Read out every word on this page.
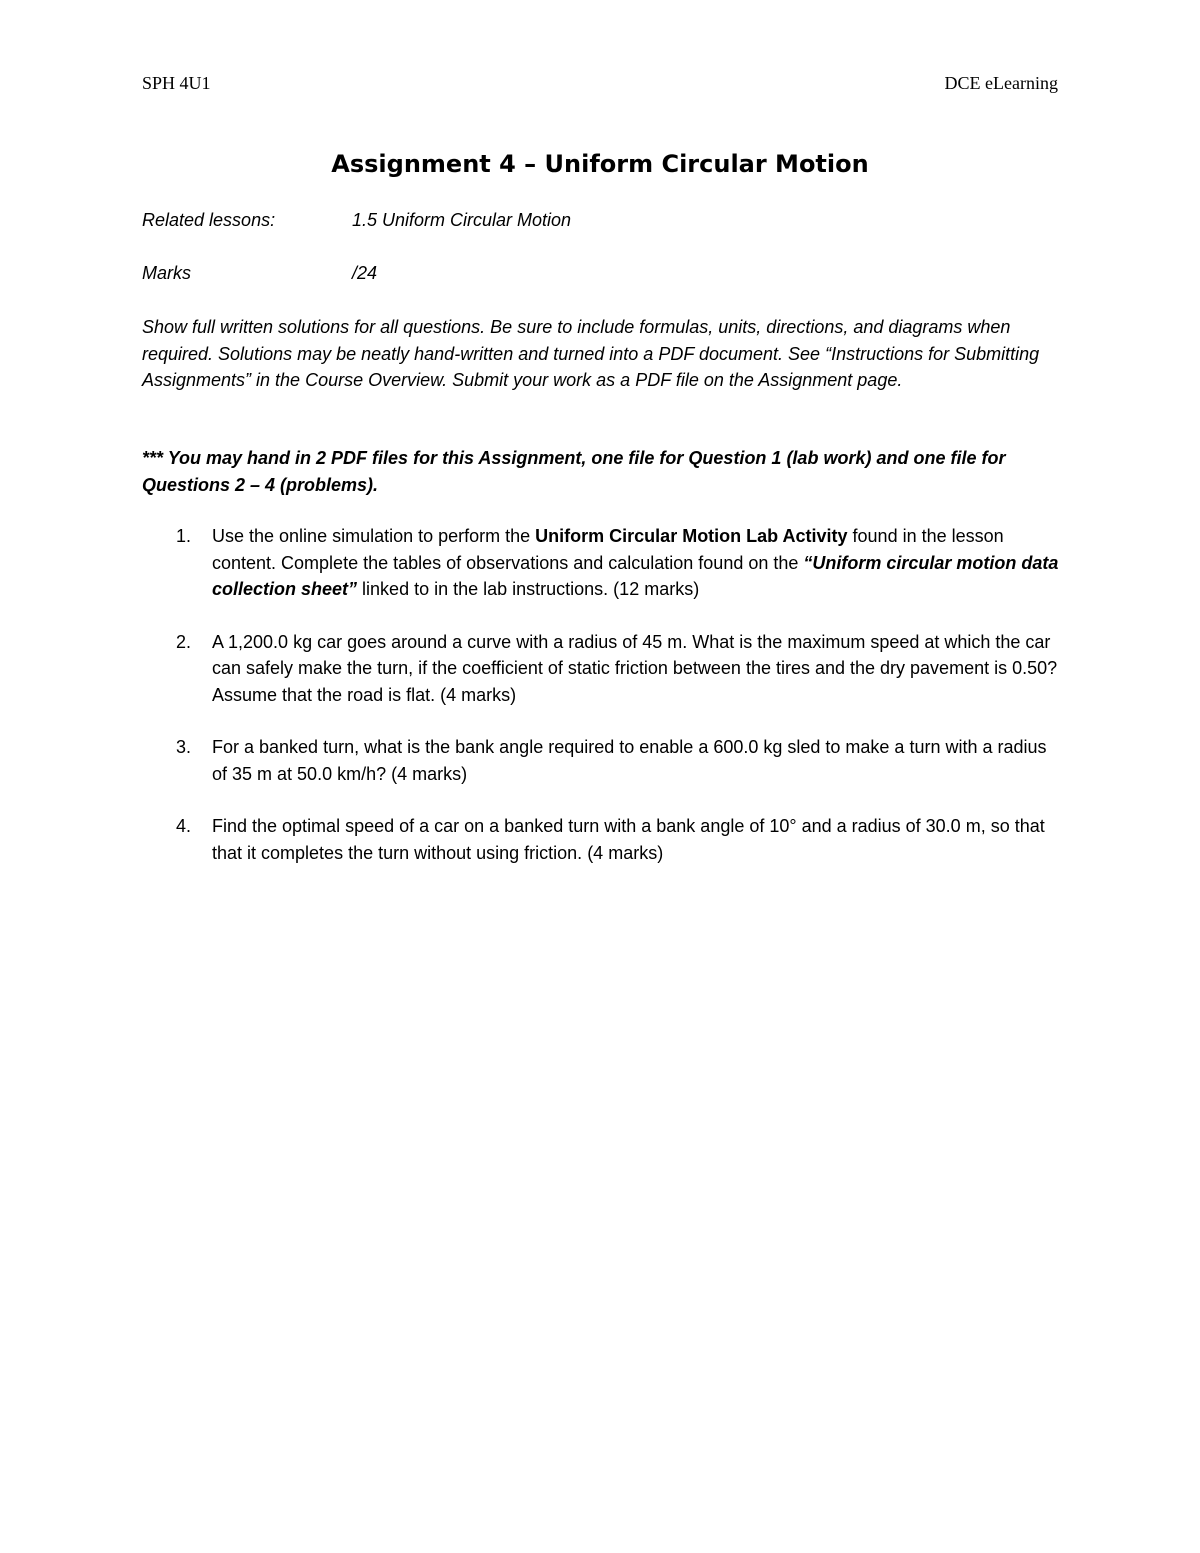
SPH 4U1	DCE eLearning
Assignment 4 – Uniform Circular Motion
Related lessons:	1.5 Uniform Circular Motion
Marks	/24

Show full written solutions for all questions. Be sure to include formulas, units, directions, and diagrams when required. Solutions may be neatly hand-written and turned into a PDF document. See “Instructions for Submitting Assignments” in the Course Overview. Submit your work as a PDF file on the Assignment page.

*** You may hand in 2 PDF files for this Assignment, one file for Question 1 (lab work) and one file for Questions 2 – 4 (problems).

1. Use the online simulation to perform the Uniform Circular Motion Lab Activity found in the lesson content. Complete the tables of observations and calculation found on the “Uniform circular motion data collection sheet” linked to in the lab instructions. (12 marks)
2. A 1,200.0 kg car goes around a curve with a radius of 45 m. What is the maximum speed at which the car can safely make the turn, if the coefficient of static friction between the tires and the dry pavement is 0.50? Assume that the road is flat. (4 marks)
3. For a banked turn, what is the bank angle required to enable a 600.0 kg sled to make a turn with a radius of 35 m at 50.0 km/h? (4 marks)
4. Find the optimal speed of a car on a banked turn with a bank angle of 10° and a radius of 30.0 m, so that that it completes the turn without using friction. (4 marks)
